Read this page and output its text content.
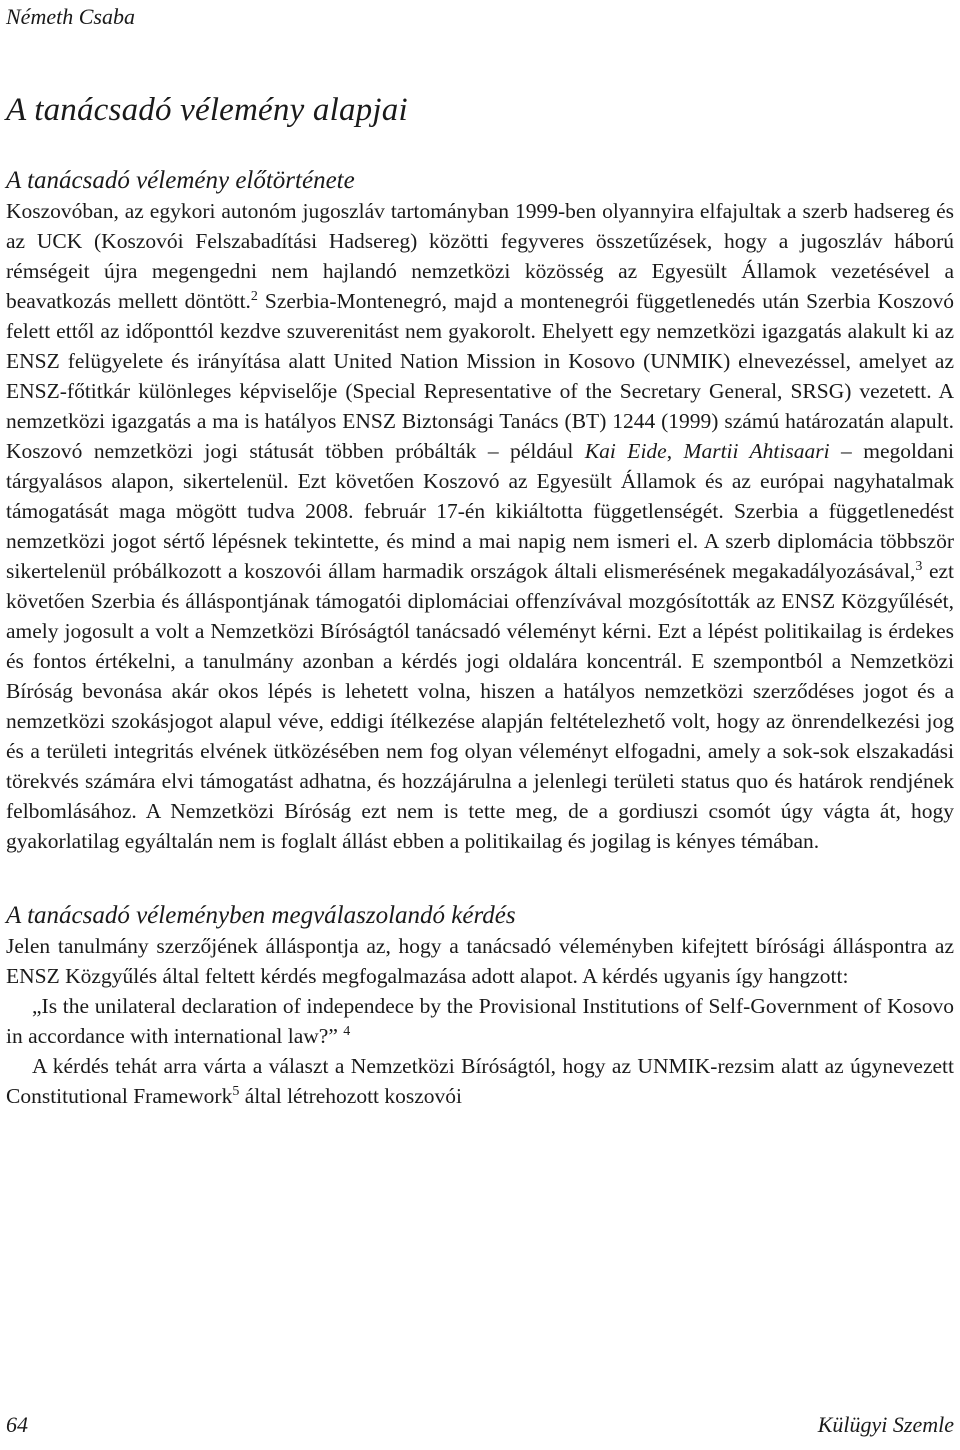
Németh Csaba
A tanácsadó vélemény alapjai
A tanácsadó vélemény előtörténete

Koszovóban, az egykori autonóm jugoszláv tartományban 1999-ben olyannyira elfajultak a szerb hadsereg és az UCK (Koszovói Felszabadítási Hadsereg) közötti fegyveres összetűzések, hogy a jugoszláv háború rémségeit újra megengedni nem hajlandó nemzetközi közösség az Egyesült Államok vezetésével a beavatkozás mellett döntött.$^2$ Szerbia-Montenegró, majd a montenegrói függetlenedés után Szerbia Koszovó felett ettől az időponttól kezdve szuverenitást nem gyakorolt. Ehelyett egy nemzetközi igazgatás alakult ki az ENSZ felügyelete és irányítása alatt United Nation Mission in Kosovo (UNMIK) elnevezéssel, amelyet az ENSZ-főtitkár különleges képviselője (Special Representative of the Secretary General, SRSG) vezetett. A nemzetközi igazgatás a ma is hatályos ENSZ Biztonsági Tanács (BT) 1244 (1999) számú határozatán alapult. Koszovó nemzetközi jogi státusát többen próbálták – például Kai Eide, Martii Ahtisaari – megoldani tárgyalásos alapon, sikertelenül. Ezt követően Koszovó az Egyesült Államok és az európai nagyhatalmak támogatását maga mögött tudva 2008. február 17-én kikiáltotta függetlenségét. Szerbia a függetlenedést nemzetközi jogot sértő lépésnek tekintette, és mind a mai napig nem ismeri el. A szerb diplomácia többször sikertelenül próbálkozott a koszovói állam harmadik országok általi elismerésének megakadályozásával,$^3$ ezt követően Szerbia és álláspontjának támogatói diplomáciai offenzívával mozgósították az ENSZ Közgyűlését, amely jogosult a volt a Nemzetközi Bíróságtól tanácsadó véleményt kérni. Ezt a lépést politikailag is érdekes és fontos értékelni, a tanulmány azonban a kérdés jogi oldalára koncentrál. E szempontból a Nemzetközi Bíróság bevonása akár okos lépés is lehetett volna, hiszen a hatályos nemzetközi szerződéses jogot és a nemzetközi szokásjogot alapul véve, eddigi ítélkezése alapján feltételezhető volt, hogy az önrendelkezési jog és a területi integritás elvének ütközésében nem fog olyan véleményt elfogadni, amely a sok-sok elszakadási törekvés számára elvi támogatást adhatna, és hozzájárulna a jelenlegi területi status quo és határok rendjének felbomlásához. A Nemzetközi Bíróság ezt nem is tette meg, de a gordiuszi csomót úgy vágta át, hogy gyakorlatilag egyáltalán nem is foglalt állást ebben a politikailag és jogilag is kényes témában.

A tanácsadó véleményben megválaszolandó kérdés

Jelen tanulmány szerzőjének álláspontja az, hogy a tanácsadó véleményben kifejtett bírósági álláspontra az ENSZ Közgyűlés által feltett kérdés megfogalmazása adott alapot. A kérdés ugyanis így hangzott:

„Is the unilateral declaration of independece by the Provisional Institutions of Self-Government of Kosovo in accordance with international law?” $^4$

A kérdés tehát arra várta a választ a Nemzetközi Bíróságtól, hogy az UNMIK-rezsim alatt az úgynevezett Constitutional Framework$^5$ által létrehozott koszovói

64	Külügyi Szemle
